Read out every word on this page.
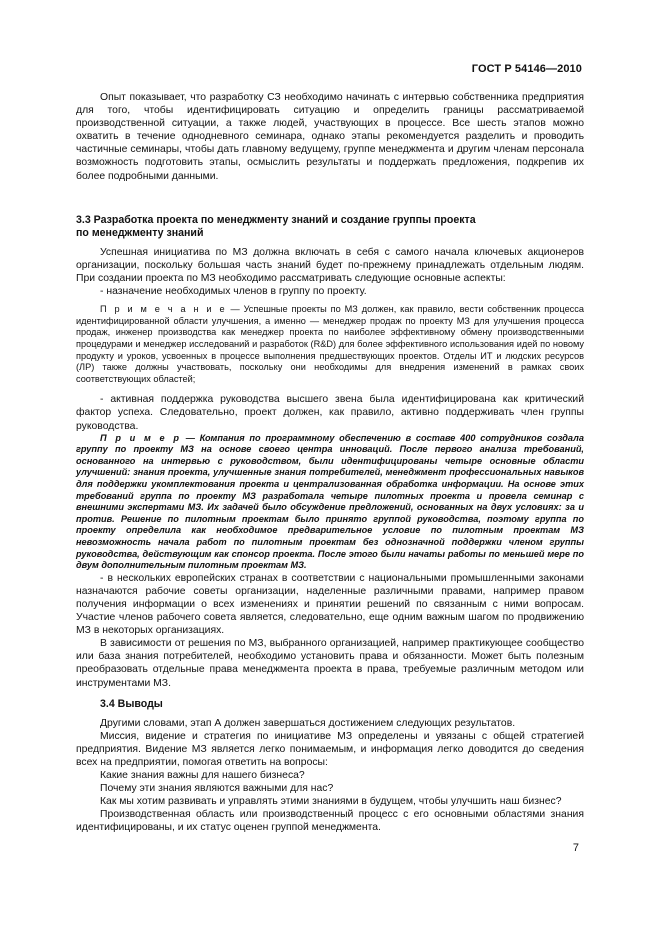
ГОСТ Р 54146—2010

Опыт показывает, что разработку СЗ необходимо начинать с интервью собственника предприятия для того, чтобы идентифицировать ситуацию и определить границы рассматриваемой производственной ситуации, а также людей, участвующих в процессе. Все шесть этапов можно охватить в течение однодневного семинара, однако этапы рекомендуется разделить и проводить частичные семинары, чтобы дать главному ведущему, группе менеджмента и другим членам персонала возможность подготовить этапы, осмыслить результаты и поддержать предложения, подкрепив их более подробными данными.

3.3 Разработка проекта по менеджменту знаний и создание группы проекта
по менеджменту знаний

Успешная инициатива по МЗ должна включать в себя с самого начала ключевых акционеров организации, поскольку большая часть знаний будет по-прежнему принадлежать отдельным людям. При создании проекта по МЗ необходимо рассматривать следующие основные аспекты:

- назначение необходимых членов в группу по проекту.

П р и м е ч а н и е — Успешные проекты по МЗ должен, как правило, вести собственник процесса идентифицированной области улучшения, а именно — менеджер продаж по проекту МЗ для улучшения процесса продаж, инженер производства как менеджер проекта по наиболее эффективному обмену производственными процедурами и менеджер исследований и разработок (R&D) для более эффективного использования идей по новому продукту и уроков, усвоенных в процессе выполнения предшествующих проектов. Отделы ИТ и людских ресурсов (ЛР) также должны участвовать, поскольку они необходимы для внедрения изменений в рамках своих соответствующих областей;

- активная поддержка руководства высшего звена была идентифицирована как критический фактор успеха. Следовательно, проект должен, как правило, активно поддерживать член группы руководства.

П р и м е р — Компания по программному обеспечению в составе 400 сотрудников создала группу по проекту МЗ на основе своего центра инноваций. После первого анализа требований, основанного на интервью с руководством, были идентифицированы четыре основные области улучшений: знания проекта, улучшенные знания потребителей, менеджмент профессиональных навыков для поддержки укомплектования проекта и централизованная обработка информации. На основе этих требований группа по проекту МЗ разработала четыре пилотных проекта и провела семинар с внешними экспертами МЗ. Их задачей было обсуждение предложений, основанных на двух условиях: за и против. Решение по пилотным проектам было принято группой руководства, поэтому группа по проекту определила как необходимое предварительное условие по пилотным проектам МЗ невозможность начала работ по пилотным проектам без однозначной поддержки членом группы руководства, действующим как спонсор проекта. После этого были начаты работы по меньшей мере по двум дополнительным пилотным проектам МЗ.

- в нескольких европейских странах в соответствии с национальными промышленными законами назначаются рабочие советы организации, наделенные различными правами, например правом получения информации о всех изменениях и принятии решений по связанным с ними вопросам. Участие членов рабочего совета является, следовательно, еще одним важным шагом по продвижению МЗ в некоторых организациях.

В зависимости от решения по МЗ, выбранного организацией, например практикующее сообщество или база знания потребителей, необходимо установить права и обязанности. Может быть полезным преобразовать отдельные права менеджмента проекта в права, требуемые различным методом или инструментами МЗ.

3.4 Выводы

Другими словами, этап А должен завершаться достижением следующих результатов.

Миссия, видение и стратегия по инициативе МЗ определены и увязаны с общей стратегией предприятия. Видение МЗ является легко понимаемым, и информация легко доводится до сведения всех на предприятии, помогая ответить на вопросы:

Какие знания важны для нашего бизнеса?

Почему эти знания являются важными для нас?

Как мы хотим развивать и управлять этими знаниями в будущем, чтобы улучшить наш бизнес?

Производственная область или производственный процесс с его основными областями знания идентифицированы, и их статус оценен группой менеджмента.

7
